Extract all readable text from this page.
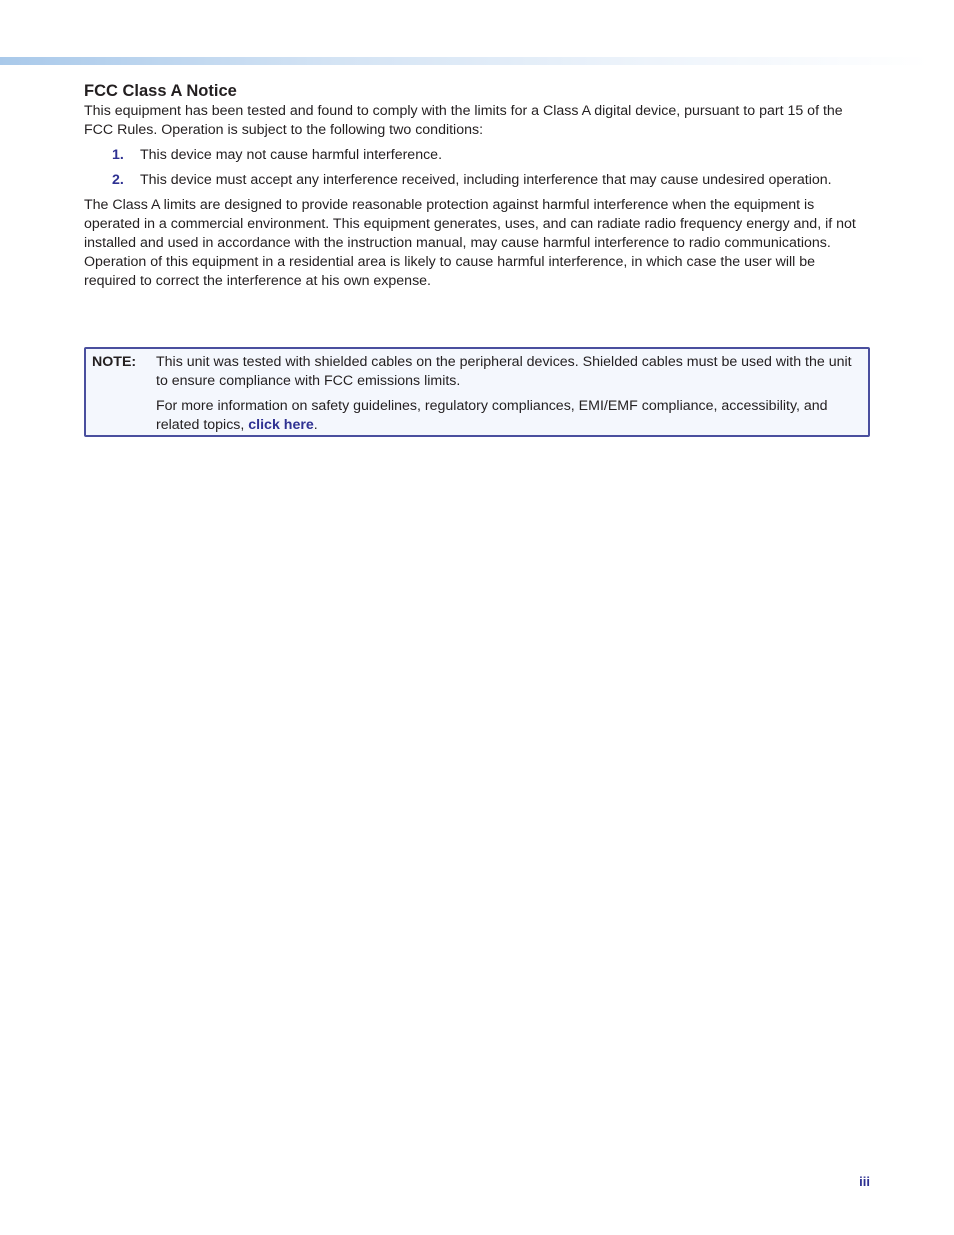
FCC Class A Notice

This equipment has been tested and found to comply with the limits for a Class A digital device, pursuant to part 15 of the FCC Rules. Operation is subject to the following two conditions:

1.	This device may not cause harmful interference.
2.	This device must accept any interference received, including interference that may cause undesired operation.

The Class A limits are designed to provide reasonable protection against harmful interference when the equipment is operated in a commercial environment. This equipment generates, uses, and can radiate radio frequency energy and, if not installed and used in accordance with the instruction manual, may cause harmful interference to radio communications. Operation of this equipment in a residential area is likely to cause harmful interference, in which case the user will be required to correct the interference at his own expense.

NOTE:	This unit was tested with shielded cables on the peripheral devices. Shielded cables must be used with the unit to ensure compliance with FCC emissions limits.

For more information on safety guidelines, regulatory compliances, EMI/EMF compliance, accessibility, and related topics, click here.

iii
